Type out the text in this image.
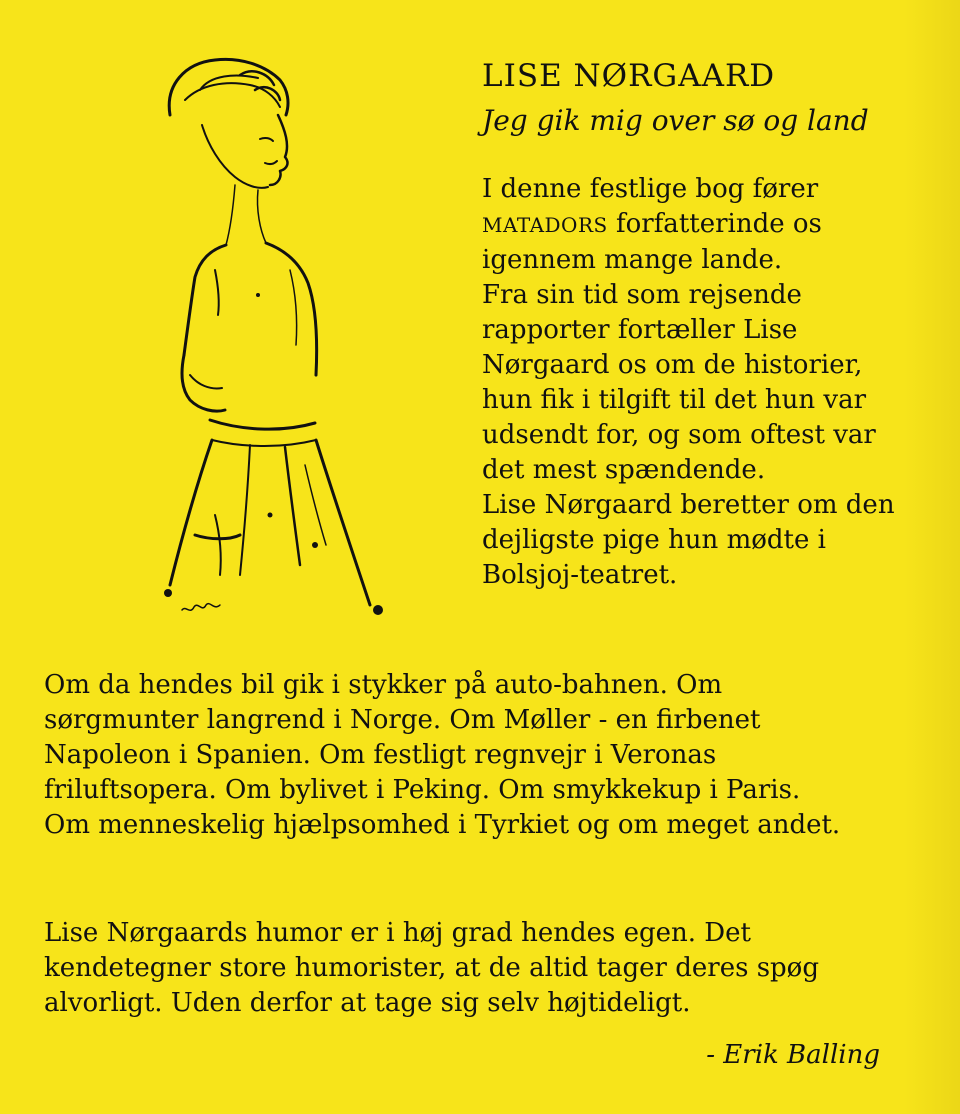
LISE NØRGAARD
Jeg gik mig over sø og land

I denne festlige bog fører
MATADORS forfatterinde os
igennem mange lande.
Fra sin tid som rejsende
rapporter fortæller Lise
Nørgaard os om de historier,
hun fik i tilgift til det hun var
udsendt for, og som oftest var
det mest spændende.
Lise Nørgaard beretter om den
dejligste pige hun mødte i
Bolsjoj-teatret.

Om da hendes bil gik i stykker på auto-bahnen. Om
sørgmunter langrend i Norge. Om Møller - en firbenet
Napoleon i Spanien. Om festligt regnvejr i Veronas
friluftsopera. Om bylivet i Peking. Om smykkekup i Paris.
Om menneskelig hjælpsomhed i Tyrkiet og om meget andet.

Lise Nørgaards humor er i høj grad hendes egen. Det
kendetegner store humorister, at de altid tager deres spøg
alvorligt. Uden derfor at tage sig selv højtideligt.

- Erik Balling
